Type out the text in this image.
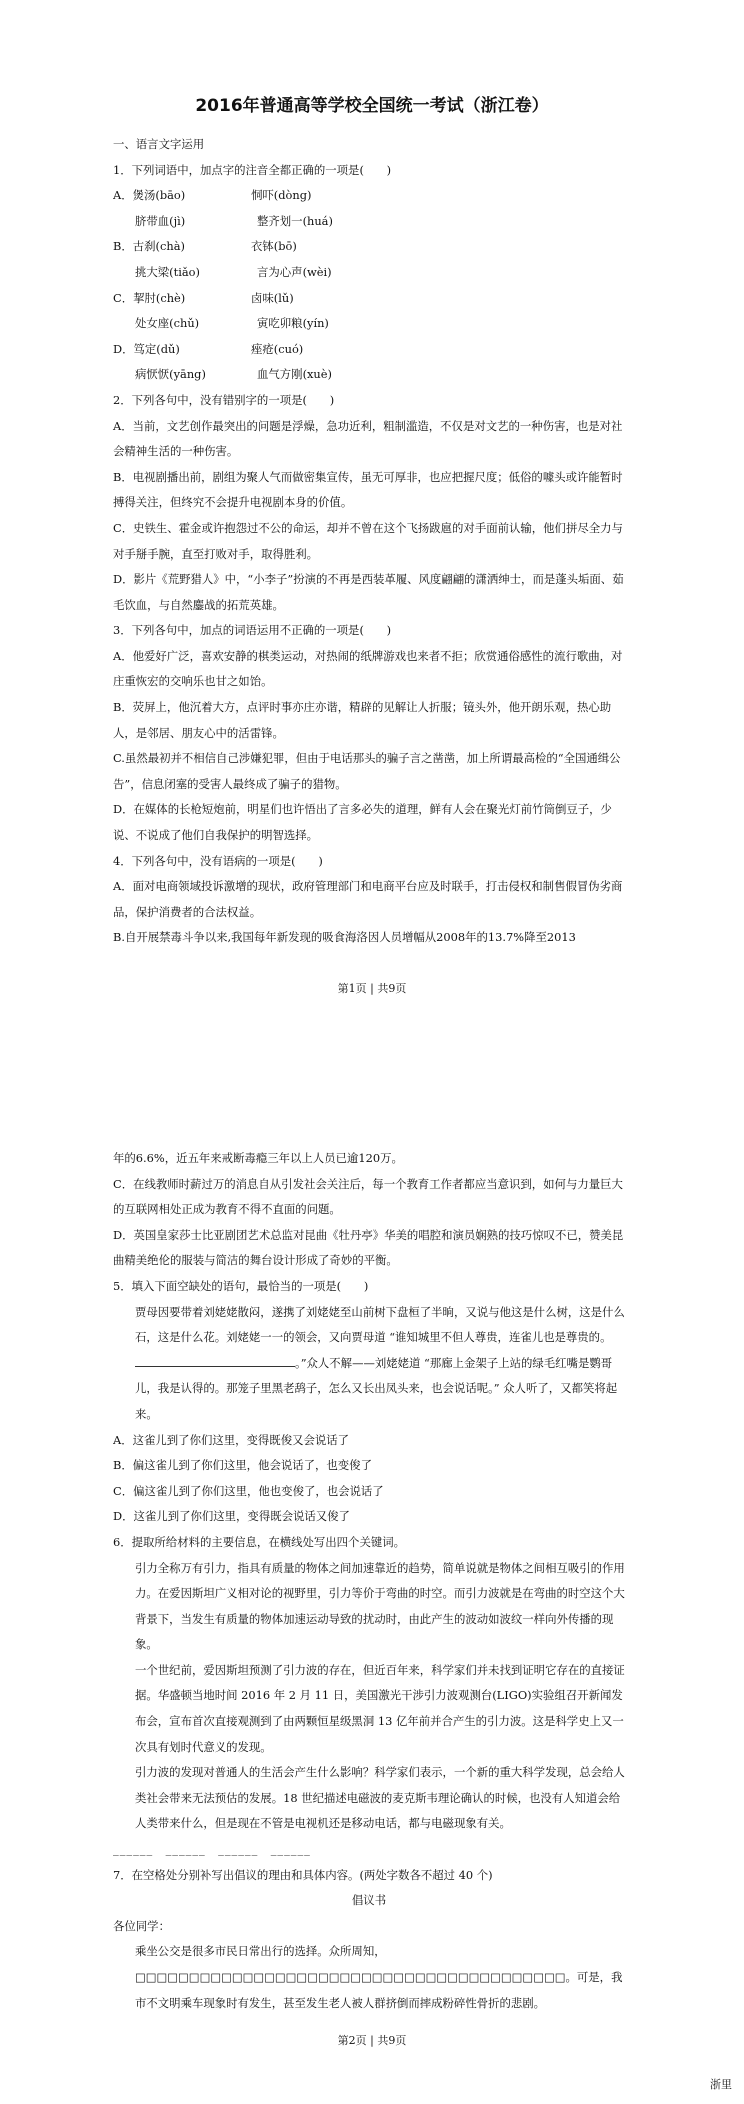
2016年普通高等学校全国统一考试（浙江卷）
一、语言文字运用
1．下列词语中，加点字的注音全都正确的一项是(　　)
A．煲汤(bāo)	恫吓(dòng)
脐带血(jì)	整齐划一(huá)
B．古刹(chà)	衣钵(bō)
挑大梁(tiǎo)	言为心声(wèi)
C．挈肘(chè)	卤味(lǔ)
处女座(chǔ)	寅吃卯粮(yín)
D．笃定(dǔ)	痤疮(cuó)
病恹恹(yāng)	血气方刚(xuè)
2．下列各句中，没有错别字的一项是(　　)
A．当前，文艺创作最突出的问题是浮燥，急功近利，粗制滥造，不仅是对文艺的一种伤害，也是对社会精神生活的一种伤害。
B．电视剧播出前，剧组为聚人气而做密集宣传，虽无可厚非，也应把握尺度；低俗的噱头或许能暂时搏得关注，但终究不会提升电视剧本身的价值。
C．史铁生、霍金或许抱怨过不公的命运，却并不曾在这个飞扬跋扈的对手面前认输，他们拼尽全力与对手掰手腕，直至打败对手，取得胜利。
D．影片《荒野猎人》中，“小李子”扮演的不再是西装革履、风度翩翩的潇洒绅士，而是蓬头垢面、茹毛饮血，与自然鏖战的拓荒英雄。
3．下列各句中，加点的词语运用不正确的一项是(　　)
A．他爱好广泛，喜欢安静的棋类运动，对热闹的纸牌游戏也来者不拒；欣赏通俗感性的流行歌曲，对庄重恢宏的交响乐也甘之如饴。
B．荧屏上，他沉着大方，点评时事亦庄亦谐，精辟的见解让人折服；镜头外，他开朗乐观，热心助人，是邻居、朋友心中的活雷锋。
C.虽然最初并不相信自己涉嫌犯罪，但由于电话那头的骗子言之凿凿，加上所谓最高检的“全国通缉公告”，信息闭塞的受害人最终成了骗子的猎物。
D．在媒体的长枪短炮前，明星们也许悟出了言多必失的道理，鲜有人会在聚光灯前竹筒倒豆子，少说、不说成了他们自我保护的明智选择。
4．下列各句中，没有语病的一项是(　　)
A．面对电商领域投诉激增的现状，政府管理部门和电商平台应及时联手，打击侵权和制售假冒伪劣商品，保护消费者的合法权益。
B.自开展禁毒斗争以来,我国每年新发现的吸食海洛因人员增幅从2008年的13.7%降至2013
第1页 | 共9页
年的6.6%，近五年来戒断毒瘾三年以上人员已逾120万。
C．在线教师时薪过万的消息自从引发社会关注后，每一个教育工作者都应当意识到，如何与力量巨大的互联网相处正成为教育不得不直面的问题。
D．英国皇家莎士比亚剧团艺术总监对昆曲《牡丹亭》华美的唱腔和演员娴熟的技巧惊叹不已，赞美昆曲精美绝伦的服装与简洁的舞台设计形成了奇妙的平衡。
5．填入下面空缺处的语句，最恰当的一项是(　　)
贾母因要带着刘姥姥散闷，遂携了刘姥姥至山前树下盘桓了半晌，又说与他这是什么树，这是什么石，这是什么花。刘姥姥一一的领会，又向贾母道 “谁知城里不但人尊贵，连雀儿也是尊贵的。。”众人不解——刘姥姥道 “那廊上金架子上站的绿毛红嘴是鹦哥儿，我是认得的。那笼子里黑老鸹子，怎么又长出凤头来，也会说话呢。” 众人听了，又都笑将起来。
A．这雀儿到了你们这里，变得既俊又会说话了
B．偏这雀儿到了你们这里，他会说话了，也变俊了
C．偏这雀儿到了你们这里，他也变俊了，也会说话了
D．这雀儿到了你们这里，变得既会说话又俊了
6．提取所给材料的主要信息，在横线处写出四个关键词。
引力全称万有引力，指具有质量的物体之间加速靠近的趋势，简单说就是物体之间相互吸引的作用力。在爱因斯坦广义相对论的视野里，引力等价于弯曲的时空。而引力波就是在弯曲的时空这个大背景下，当发生有质量的物体加速运动导致的扰动时，由此产生的波动如波纹一样向外传播的现象。
一个世纪前，爱因斯坦预测了引力波的存在，但近百年来，科学家们并未找到证明它存在的直接证据。华盛顿当地时间 2016 年 2 月 11 日，美国激光干涉引力波观测台(LIGO)实验组召开新闻发布会，宣布首次直接观测到了由两颗恒星级黑洞 13 亿年前并合产生的引力波。这是科学史上又一次具有划时代意义的发现。
引力波的发现对普通人的生活会产生什么影响？科学家们表示，一个新的重大科学发现，总会给人类社会带来无法预估的发展。18 世纪描述电磁波的麦克斯韦理论确认的时候，也没有人知道会给人类带来什么，但是现在不管是电视机还是移动电话，都与电磁现象有关。
______　______　______　______
7．在空格处分别补写出倡议的理由和具体内容。(两处字数各不超过 40 个)
倡议书
各位同学：
乘坐公交是很多市民日常出行的选择。众所周知，□□□□□□□□□□□□□□□□□□□□□□□□□□□□□□□□□□□□□□□□。可是，我市不文明乘车现象时有发生，甚至发生老人被人群挤倒而摔成粉碎性骨折的悲剧。
第2页 | 共9页
浙里
